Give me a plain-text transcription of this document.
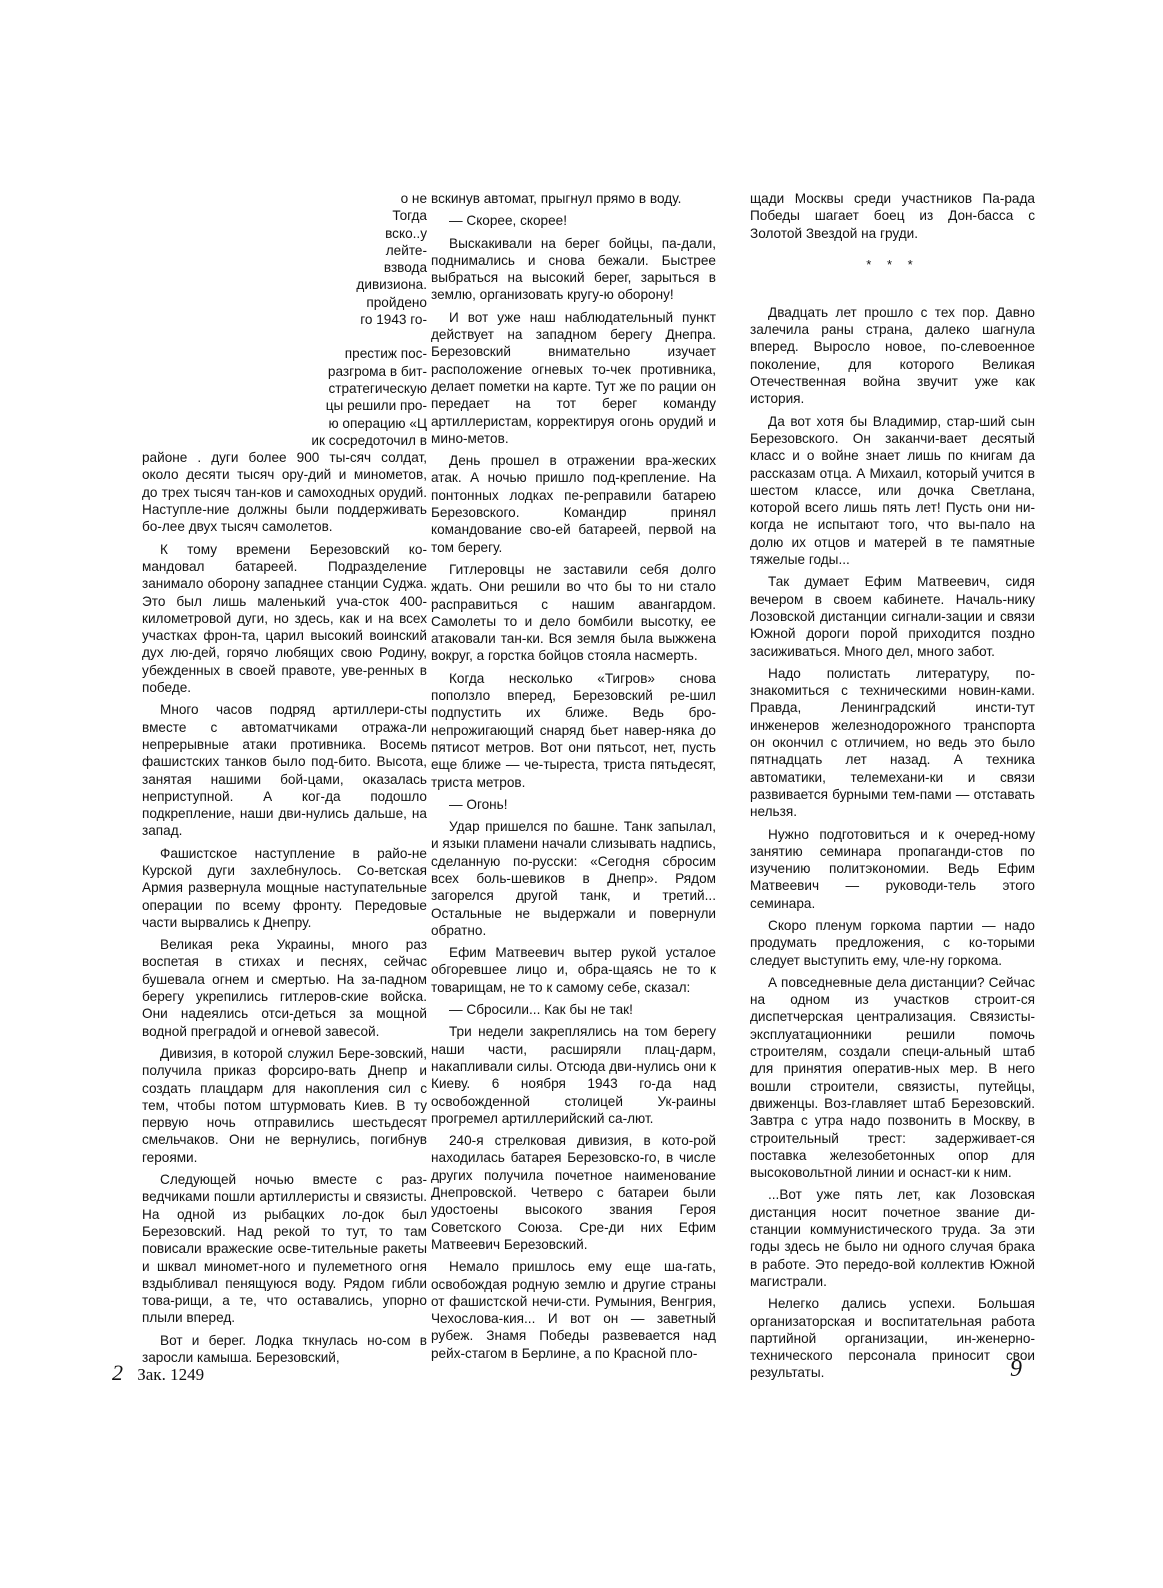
о не
Тогда
вско..у
лейте-
взвода
дивизиона.
пройдено
го 1943 го-
престиж пос-
разгрома в бит-
стратегическую
цы решили про-
ю операцию «Ц
ик сосредоточил в

районе . дуги более 900 ты-сяч солдат, около десяти тысяч ору-дий и минометов, до трех тысяч тан-ков и самоходных орудий. Наступле-ние должны были поддерживать бо-лее двух тысяч самолетов.

К тому времени Березовский ко-мандовал батареей. Подразделение занимало оборону западнее станции Суджа. Это был лишь маленький уча-сток 400-километровой дуги, но здесь, как и на всех участках фрон-та, царил высокий воинский дух лю-дей, горячо любящих свою Родину, убежденных в своей правоте, уве-ренных в победе.

Много часов подряд артиллери-сты вместе с автоматчиками отража-ли непрерывные атаки противника. Восемь фашистских танков было под-бито. Высота, занятая нашими бой-цами, оказалась неприступной. А ког-да подошло подкрепление, наши дви-нулись дальше, на запад.

Фашистское наступление в райо-не Курской дуги захлебнулось. Со-ветская Армия развернула мощные наступательные операции по всему фронту. Передовые части вырвались к Днепру.

Великая река Украины, много раз воспетая в стихах и песнях, сейчас бушевала огнем и смертью. На за-падном берегу укрепились гитлеров-ские войска. Они надеялись отси-деться за мощной водной преградой и огневой завесой.

Дивизия, в которой служил Бере-зовский, получила приказ форсиро-вать Днепр и создать плацдарм для накопления сил с тем, чтобы потом штурмовать Киев. В ту первую ночь отправились шестьдесят смельчаков. Они не вернулись, погибнув героями.

Следующей ночью вместе с раз-ведчиками пошли артиллеристы и связисты. На одной из рыбацких ло-док был Березовский. Над рекой то тут, то там повисали вражеские осве-тительные ракеты и шквал миномет-ного и пулеметного огня вздыбливал пенящуюся воду. Рядом гибли това-рищи, а те, что оставались, упорно плыли вперед.

Вот и берег. Лодка ткнулась но-сом в заросли камыша. Березовский,

вскинув автомат, прыгнул прямо в воду.

— Скорее, скорее!

Выскакивали на берег бойцы, па-дали, поднимались и снова бежали. Быстрее выбраться на высокий берег, зарыться в землю, организовать кругу-ю оборону!

И вот уже наш наблюдательный пункт действует на западном берегу Днепра. Березовский внимательно изучает расположение огневых то-чек противника, делает пометки на карте. Тут же по рации он передает на тот берег команду артиллеристам, корректируя огонь орудий и мино-метов.

День прошел в отражении вра-жеских атак. А ночью пришло под-крепление. На понтонных лодках пе-реправили батарею Березовского. Командир принял командование сво-ей батареей, первой на том берегу.

Гитлеровцы не заставили себя долго ждать. Они решили во что бы то ни стало расправиться с нашим авангардом. Самолеты то и дело бомбили высотку, ее атаковали тан-ки. Вся земля была выжжена вокруг, а горстка бойцов стояла насмерть.

Когда несколько «Тигров» снова поползло вперед, Березовский ре-шил подпустить их ближе. Ведь бро-непрожигающий снаряд бьет навер-няка до пятисот метров. Вот они пятьсот, нет, пусть еще ближе — че-тыреста, триста пятьдесят, триста метров.

— Огонь!

Удар пришелся по башне. Танк запылал, и языки пламени начали слизывать надпись, сделанную по-русски: «Сегодня сбросим всех боль-шевиков в Днепр». Рядом загорелся другой танк, и третий... Остальные не выдержали и повернули обратно.

Ефим Матвеевич вытер рукой усталое обгоревшее лицо и, обра-щаясь не то к товарищам, не то к самому себе, сказал:

— Сбросили... Как бы не так!

Три недели закреплялись на том берегу наши части, расширяли плац-дарм, накапливали силы. Отсюда дви-нулись они к Киеву. 6 ноября 1943 го-да над освобожденной столицей Ук-раины прогремел артиллерийский са-лют.

240-я стрелковая дивизия, в кото-рой находилась батарея Березовско-го, в числе других получила почетное наименование Днепровской. Четверо с батареи были удостоены высокого звания Героя Советского Союза. Сре-ди них Ефим Матвеевич Березовский.

Немало пришлось ему еще ша-гать, освобождая родную землю и другие страны от фашистской нечи-сти. Румыния, Венгрия, Чехослова-кия... И вот он — заветный рубеж. Знамя Победы развевается над рейх-стагом в Берлине, а по Красной пло-

щади Москвы среди участников Па-рада Победы шагает боец из Дон-басса с Золотой Звездой на груди.

* * *

Двадцать лет прошло с тех пор. Давно залечила раны страна, далеко шагнула вперед. Выросло новое, по-слевоенное поколение, для которого Великая Отечественная война звучит уже как история.

Да вот хотя бы Владимир, стар-ший сын Березовского. Он заканчи-вает десятый класс и о войне знает лишь по книгам да рассказам отца. А Михаил, который учится в шестом классе, или дочка Светлана, которой всего лишь пять лет! Пусть они ни-когда не испытают того, что вы-пало на долю их отцов и матерей в те памятные тяжелые годы...

Так думает Ефим Матвеевич, сидя вечером в своем кабинете. Началь-нику Лозовской дистанции сигнали-зации и связи Южной дороги порой приходится поздно засиживаться. Много дел, много забот.

Надо полистать литературу, по-знакомиться с техническими новин-ками. Правда, Ленинградский инсти-тут инженеров железнодорожного транспорта он окончил с отличием, но ведь это было пятнадцать лет назад. А техника автоматики, телемехани-ки и связи развивается бурными тем-пами — отставать нельзя.

Нужно подготовиться и к очеред-ному занятию семинара пропаганди-стов по изучению политэкономии. Ведь Ефим Матвеевич — руководи-тель этого семинара.

Скоро пленум горкома партии — надо продумать предложения, с ко-торыми следует выступить ему, чле-ну горкома.

А повседневные дела дистанции? Сейчас на одном из участков строит-ся диспетчерская централизация. Связисты-эксплуатационники решили помочь строителям, создали специ-альный штаб для принятия оператив-ных мер. В него вошли строители, связисты, путейцы, движенцы. Воз-главляет штаб Березовский. Завтра с утра надо позвонить в Москву, в строительный трест: задерживает-ся поставка железобетонных опор для высоковольтной линии и оснаст-ки к ним.

...Вот уже пять лет, как Лозовская дистанция носит почетное звание ди-станции коммунистического труда. За эти годы здесь не было ни одного случая брака в работе. Это передо-вой коллектив Южной магистрали.

Нелегко дались успехи. Большая организаторская и воспитательная работа партийной организации, ин-женерно-технического персонала приносит свои результаты.

2 Зак. 1249	9
